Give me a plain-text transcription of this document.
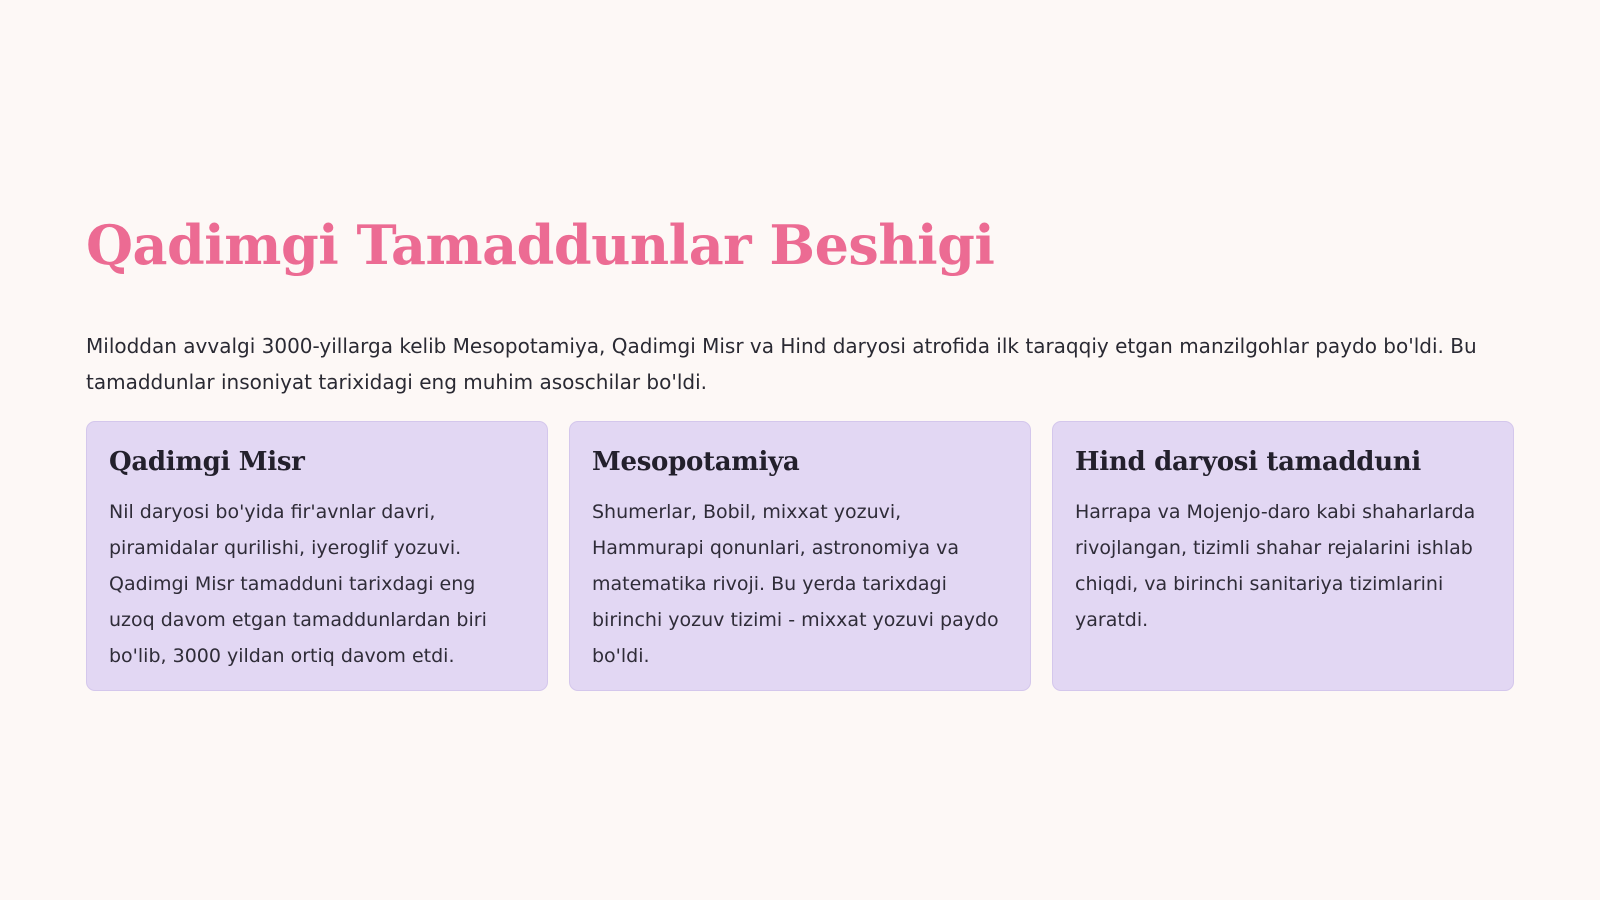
Qadimgi Tamaddunlar Beshigi

Miloddan avvalgi 3000-yillarga kelib Mesopotamiya, Qadimgi Misr va Hind daryosi atrofida ilk taraqqiy etgan manzilgohlar paydo bo'ldi. Bu tamaddunlar insoniyat tarixidagi eng muhim asoschilar bo'ldi.

Qadimgi Misr

Nil daryosi bo'yida fir'avnlar davri, piramidalar qurilishi, iyeroglif yozuvi. Qadimgi Misr tamadduni tarixdagi eng uzoq davom etgan tamaddunlardan biri bo'lib, 3000 yildan ortiq davom etdi.

Mesopotamiya

Shumerlar, Bobil, mixxat yozuvi, Hammurapi qonunlari, astronomiya va matematika rivoji. Bu yerda tarixdagi birinchi yozuv tizimi - mixxat yozuvi paydo bo'ldi.

Hind daryosi tamadduni

Harrapa va Mojenjo-daro kabi shaharlarda rivojlangan, tizimli shahar rejalarini ishlab chiqdi, va birinchi sanitariya tizimlarini yaratdi.
